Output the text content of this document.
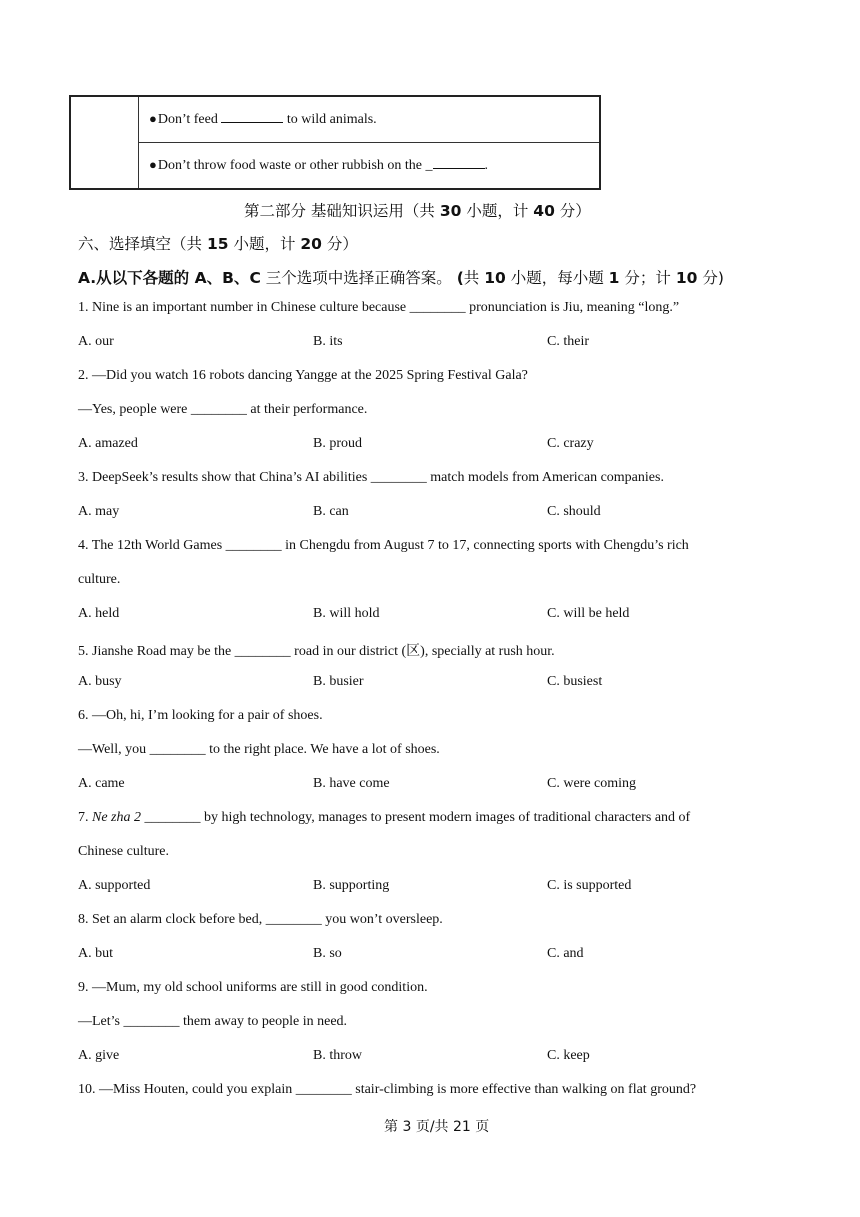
	●Don’t feed	to wild animals.
●Don’t throw food waste or other rubbish on the _	.
第二部分 基础知识运用（共 30 小题，计 40 分）
六、选择填空（共 15 小题，计 20 分）
A.从以下各题的 A、B、C 三个选项中选择正确答案。 (共 10 小题，每小题 1 分；计 10 分)
1. Nine is an important number in Chinese culture because ________ pronunciation is Jiu, meaning “long.”
A. our	B. its	C. their
2. —Did you watch 16 robots dancing Yangge at the 2025 Spring Festival Gala?
—Yes, people were ________ at their performance.
A. amazed	B. proud	C. crazy
3. DeepSeek’s results show that China’s AI abilities ________ match models from American companies.
A. may	B. can	C. should
4. The 12th World Games ________ in Chengdu from August 7 to 17, connecting sports with Chengdu’s rich
culture.
A. held	B. will hold	C. will be held
5. Jianshe Road may be the ________ road in our district (区), specially at rush hour.
A. busy	B. busier	C. busiest
6. —Oh, hi, I’m looking for a pair of shoes.
—Well, you ________ to the right place. We have a lot of shoes.
A. came	B. have come	C. were coming
7. Ne zha 2 ________ by high technology, manages to present modern images of traditional characters and of
Chinese culture.
A. supported	B. supporting	C. is supported
8. Set an alarm clock before bed, ________ you won’t oversleep.
A. but	B. so	C. and
9. —Mum, my old school uniforms are still in good condition.
—Let’s ________ them away to people in need.
A. give	B. throw	C. keep
10. —Miss Houten, could you explain ________ stair-climbing is more effective than walking on flat ground?
第 3 页/共 21 页
